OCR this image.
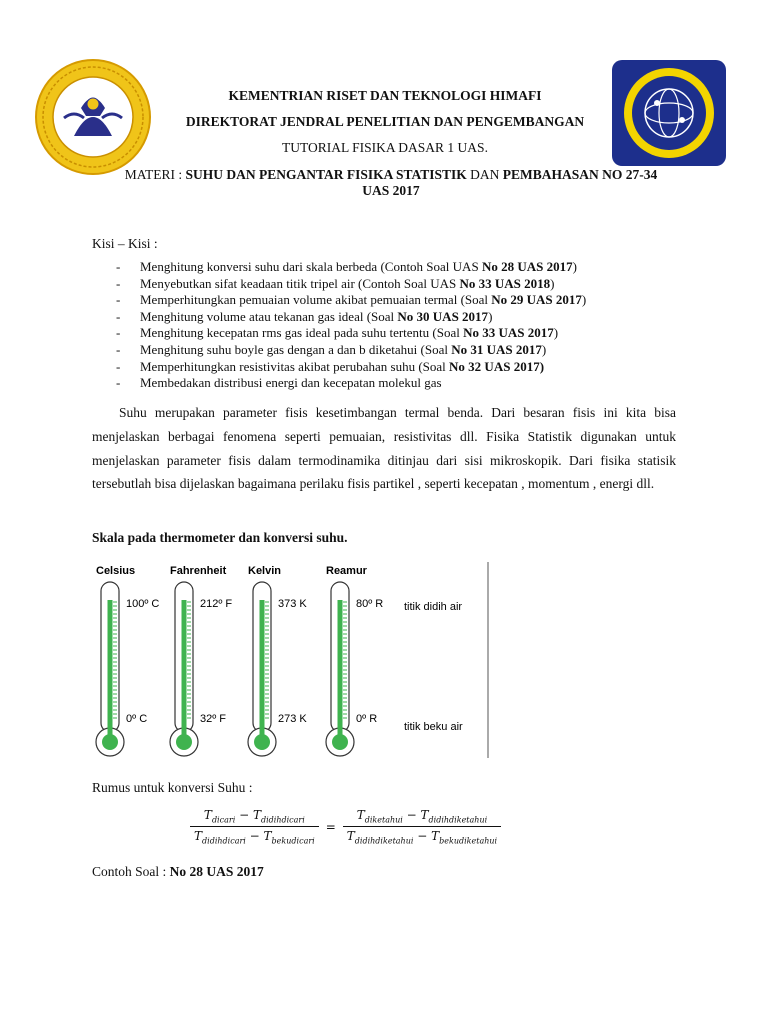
KEMENTRIAN RISET DAN TEKNOLOGI HIMAFI
DIREKTORAT JENDRAL PENELITIAN DAN PENGEMBANGAN
TUTORIAL FISIKA DASAR 1 UAS.
MATERI : SUHU DAN PENGANTAR FISIKA STATISTIK DAN PEMBAHASAN NO 27-34
UAS 2017
Kisi – Kisi :
-	Menghitung konversi suhu dari skala berbeda (Contoh Soal UAS No 28 UAS 2017)
-	Menyebutkan sifat keadaan titik tripel air (Contoh Soal UAS No 33 UAS 2018)
-	Memperhitungkan pemuaian volume akibat pemuaian termal (Soal No 29 UAS 2017)
-	Menghitung volume atau tekanan gas ideal (Soal No 30 UAS 2017)
-	Menghitung kecepatan rms gas ideal pada suhu tertentu (Soal No 33 UAS 2017)
-	Menghitung suhu boyle gas dengan a dan b diketahui (Soal No 31 UAS 2017)
-	Memperhitungkan resistivitas akibat perubahan suhu (Soal No 32 UAS 2017)
-	Membedakan distribusi energi dan kecepatan molekul gas

Suhu merupakan parameter fisis kesetimbangan termal benda. Dari besaran fisis ini kita bisa menjelaskan berbagai fenomena seperti pemuaian, resistivitas dll. Fisika Statistik digunakan untuk menjelaskan parameter fisis dalam termodinamika ditinjau dari sisi mikroskopik. Dari fisika statisik tersebutlah bisa dijelaskan bagaimana perilaku fisis partikel , seperti kecepatan , momentum , energi dll.

Skala pada thermometer dan konversi suhu.
Celsius
100º C
0º C
Fahrenheit
212º F
32º F
Kelvin
373 K
273 K
Reamur
80º R
0º R
titik didih air
titik beku air
Rumus untuk konversi Suhu :
$\frac{T_{dicari} - T_{didihdicari}}{T_{didihdicari} - T_{bekudicari}} = \frac{T_{diketahui} - T_{didihdiketahui}}{T_{didihdiketahui} - T_{bekudiketahui}}$
Contoh Soal : No 28 UAS 2017
